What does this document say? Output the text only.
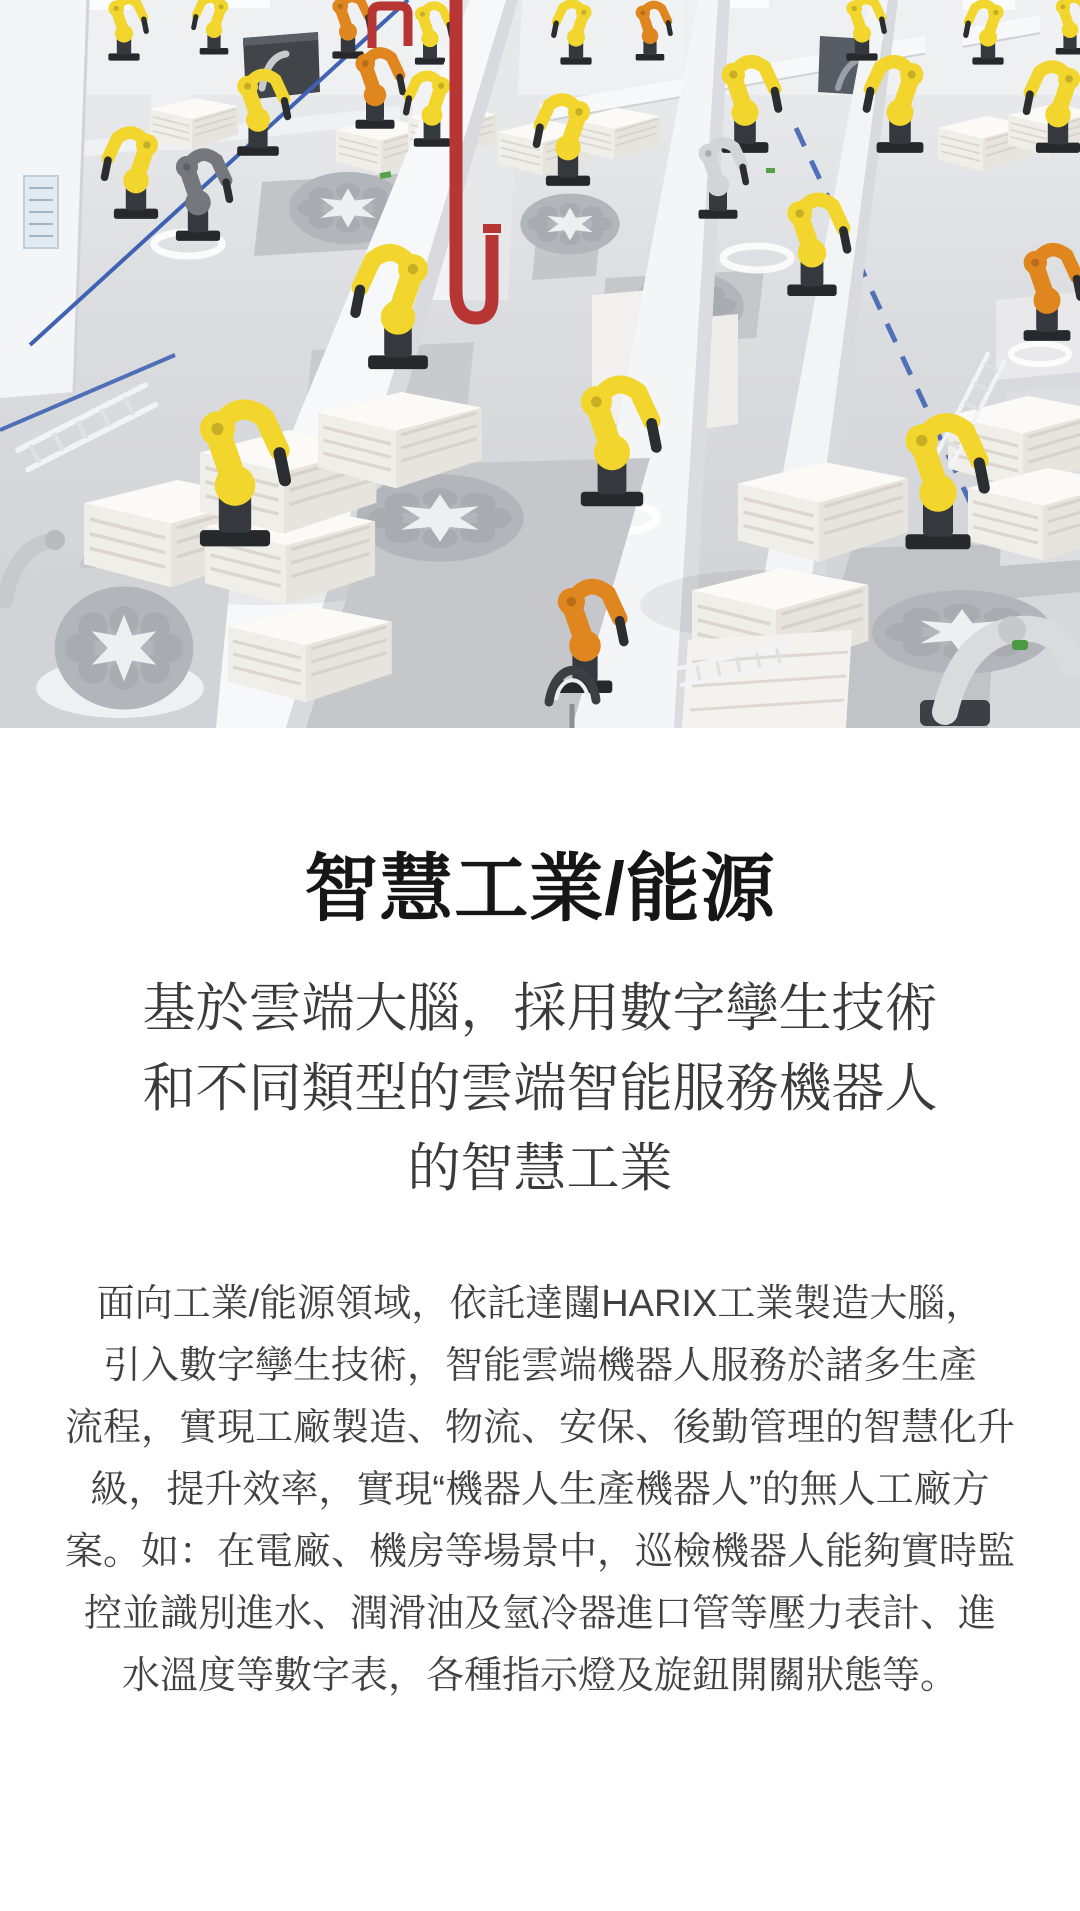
智慧工業/能源
基於雲端大腦，採用數字孿生技術
和不同類型的雲端智能服務機器人
的智慧工業
面向工業/能源領域，依託達闥HARIX工業製造大腦，
引入數字孿生技術，智能雲端機器人服務於諸多生產
流程，實現工廠製造、物流、安保、後勤管理的智慧化升
級，提升效率，實現“機器人生產機器人”的無人工廠方
案。如：在電廠、機房等場景中，巡檢機器人能夠實時監
控並識別進水、潤滑油及氫冷器進口管等壓力表計、進
水溫度等數字表，各種指示燈及旋鈕開關狀態等。
